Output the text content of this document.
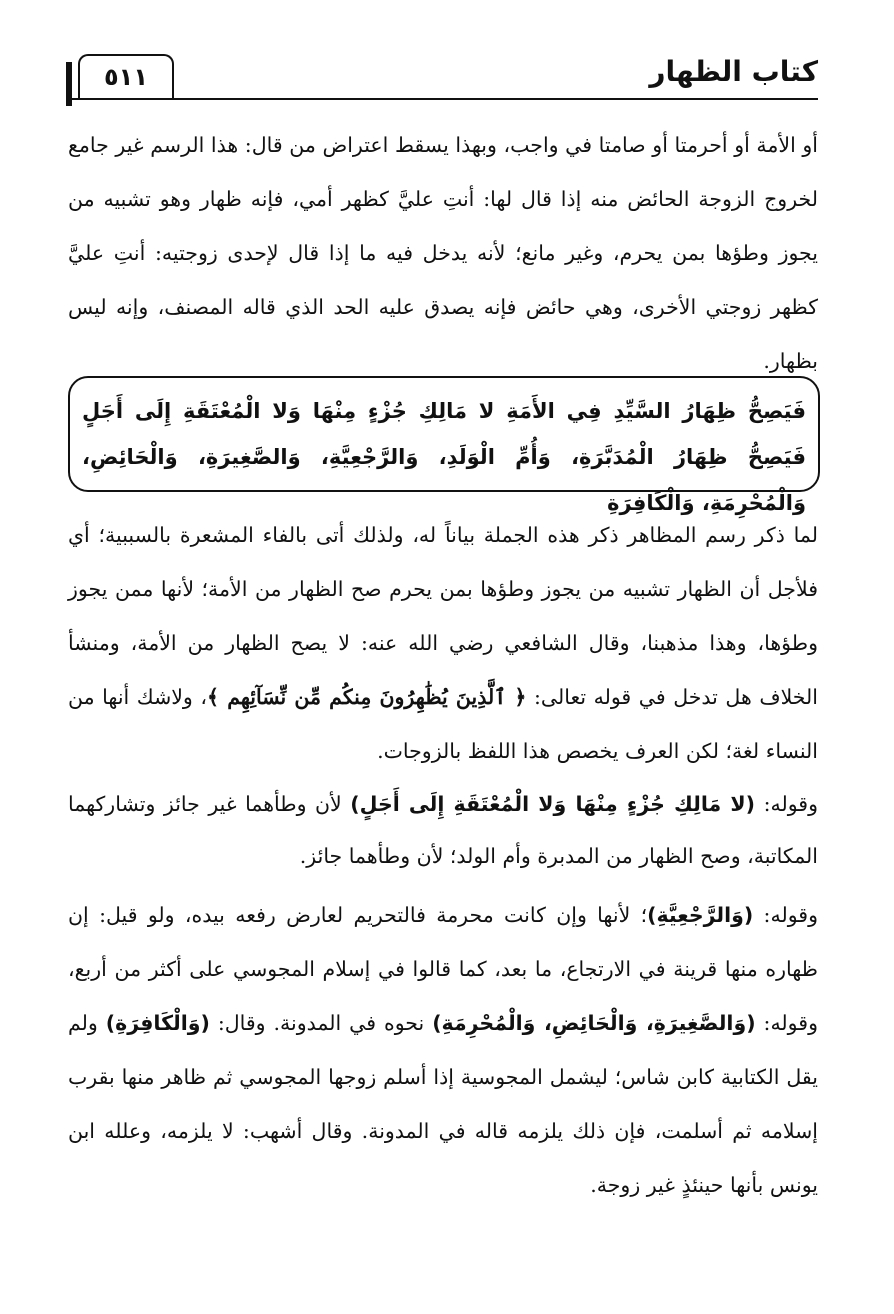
كتاب الظهار
٥١١

أو الأمة أو أحرمتا أو صامتا في واجب، وبهذا يسقط اعتراض من قال: هذا الرسم غير جامع لخروج الزوجة الحائض منه إذا قال لها: أنتِ عليَّ كظهر أمي، فإنه ظهار وهو تشبيه من يجوز وطؤها بمن يحرم، وغير مانع؛ لأنه يدخل فيه ما إذا قال لإحدى زوجتيه: أنتِ عليَّ كظهر زوجتي الأخرى، وهي حائض فإنه يصدق عليه الحد الذي قاله المصنف، وإنه ليس بظهار.

فَيَصِحُّ ظِهَارُ السَّيِّدِ فِي الأَمَةِ لا مَالِكِ جُزْءٍ مِنْهَا وَلا الْمُعْتَقَةِ إِلَى أَجَلٍ فَيَصِحُّ ظِهَارُ الْمُدَبَّرَةِ، وَأُمِّ الْوَلَدِ، وَالرَّجْعِيَّةِ، وَالصَّغِيرَةِ، وَالْحَائِضِ، وَالْمُحْرِمَةِ، وَالْكَافِرَةِ

لما ذكر رسم المظاهر ذكر هذه الجملة بياناً له، ولذلك أتى بالفاء المشعرة بالسببية؛ أي فلأجل أن الظهار تشبيه من يجوز وطؤها بمن يحرم صح الظهار من الأمة؛ لأنها ممن يجوز وطؤها، وهذا مذهبنا، وقال الشافعي رضي الله عنه: لا يصح الظهار من الأمة، ومنشأ الخلاف هل تدخل في قوله تعالى: ﴿ ٱلَّذِينَ يُظَٰهِرُونَ مِنكُم مِّن نِّسَآئِهِم ﴾، ولاشك أنها من النساء لغة؛ لكن العرف يخصص هذا اللفظ بالزوجات.

وقوله: (لا مَالِكِ جُزْءٍ مِنْهَا وَلا الْمُعْتَقَةِ إِلَى أَجَلٍ) لأن وطأهما غير جائز وتشاركهما المكاتبة، وصح الظهار من المدبرة وأم الولد؛ لأن وطأهما جائز.

وقوله: (وَالرَّجْعِيَّةِ)؛ لأنها وإن كانت محرمة فالتحريم لعارض رفعه بيده، ولو قيل: إن ظهاره منها قرينة في الارتجاع، ما بعد، كما قالوا في إسلام المجوسي على أكثر من أربع، وقوله: (وَالصَّغِيرَةِ، وَالْحَائِضِ، وَالْمُحْرِمَةِ) نحوه في المدونة. وقال: (وَالْكَافِرَةِ) ولم يقل الكتابية كابن شاس؛ ليشمل المجوسية إذا أسلم زوجها المجوسي ثم ظاهر منها بقرب إسلامه ثم أسلمت، فإن ذلك يلزمه قاله في المدونة. وقال أشهب: لا يلزمه، وعلله ابن يونس بأنها حينئذٍ غير زوجة.
